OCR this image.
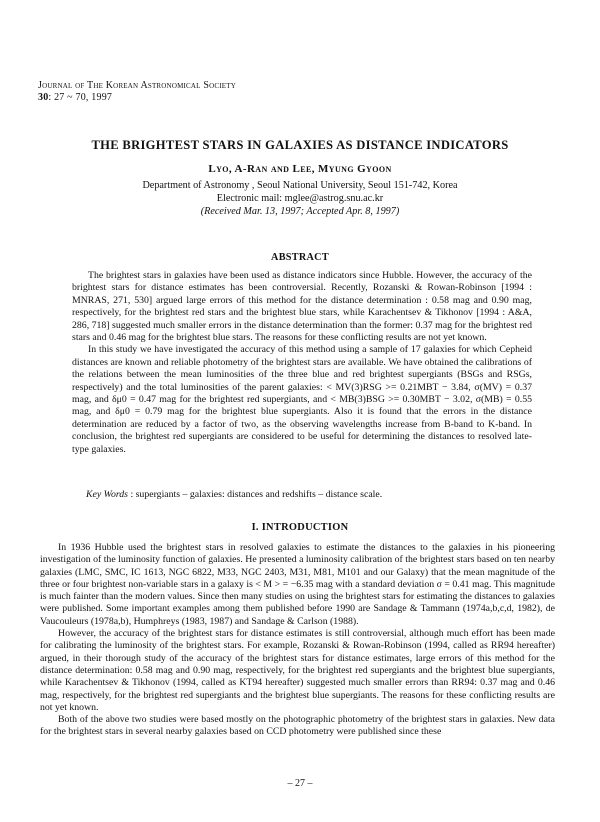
Journal of The Korean Astronomical Society
30: 27 ~ 70, 1997
THE BRIGHTEST STARS IN GALAXIES AS DISTANCE INDICATORS
Lyo, A-Ran and Lee, Myung Gyoon
Department of Astronomy , Seoul National University, Seoul 151-742, Korea
Electronic mail: mglee@astrog.snu.ac.kr
(Received Mar. 13, 1997; Accepted Apr. 8, 1997)
ABSTRACT

The brightest stars in galaxies have been used as distance indicators since Hubble. However, the accuracy of the brightest stars for distance estimates has been controversial. Recently, Rozanski & Rowan-Robinson [1994 : MNRAS, 271, 530] argued large errors of this method for the distance determination : 0.58 mag and 0.90 mag, respectively, for the brightest red stars and the brightest blue stars, while Karachentsev & Tikhonov [1994 : A&A, 286, 718] suggested much smaller errors in the distance determination than the former: 0.37 mag for the brightest red stars and 0.46 mag for the brightest blue stars. The reasons for these conflicting results are not yet known.

In this study we have investigated the accuracy of this method using a sample of 17 galaxies for which Cepheid distances are known and reliable photometry of the brightest stars are available. We have obtained the calibrations of the relations between the mean luminosities of the three blue and red brightest supergiants (BSGs and RSGs, respectively) and the total luminosities of the parent galaxies: < MV(3)RSG >= 0.21MBT − 3.84, σ(MV) = 0.37 mag, and δμ0 = 0.47 mag for the brightest red supergiants, and < MB(3)BSG >= 0.30MBT − 3.02, σ(MB) = 0.55 mag, and δμ0 = 0.79 mag for the brightest blue supergiants. Also it is found that the errors in the distance determination are reduced by a factor of two, as the observing wavelengths increase from B-band to K-band. In conclusion, the brightest red supergiants are considered to be useful for determining the distances to resolved late-type galaxies.

Key Words : supergiants – galaxies: distances and redshifts – distance scale.
I. INTRODUCTION

In 1936 Hubble used the brightest stars in resolved galaxies to estimate the distances to the galaxies in his pioneering investigation of the luminosity function of galaxies. He presented a luminosity calibration of the brightest stars based on ten nearby galaxies (LMC, SMC, IC 1613, NGC 6822, M33, NGC 2403, M31, M81, M101 and our Galaxy) that the mean magnitude of the three or four brightest non-variable stars in a galaxy is < M > = −6.35 mag with a standard deviation σ = 0.41 mag. This magnitude is much fainter than the modern values. Since then many studies on using the brightest stars for estimating the distances to galaxies were published. Some important examples among them published before 1990 are Sandage & Tammann (1974a,b,c,d, 1982), de Vaucouleurs (1978a,b), Humphreys (1983, 1987) and Sandage & Carlson (1988).

However, the accuracy of the brightest stars for distance estimates is still controversial, although much effort has been made for calibrating the luminosity of the brightest stars. For example, Rozanski & Rowan-Robinson (1994, called as RR94 hereafter) argued, in their thorough study of the accuracy of the brightest stars for distance estimates, large errors of this method for the distance determination: 0.58 mag and 0.90 mag, respectively, for the brightest red supergiants and the brightest blue supergiants, while Karachentsev & Tikhonov (1994, called as KT94 hereafter) suggested much smaller errors than RR94: 0.37 mag and 0.46 mag, respectively, for the brightest red supergiants and the brightest blue supergiants. The reasons for these conflicting results are not yet known.

Both of the above two studies were based mostly on the photographic photometry of the brightest stars in galaxies. New data for the brightest stars in several nearby galaxies based on CCD photometry were published since these

– 27 –
